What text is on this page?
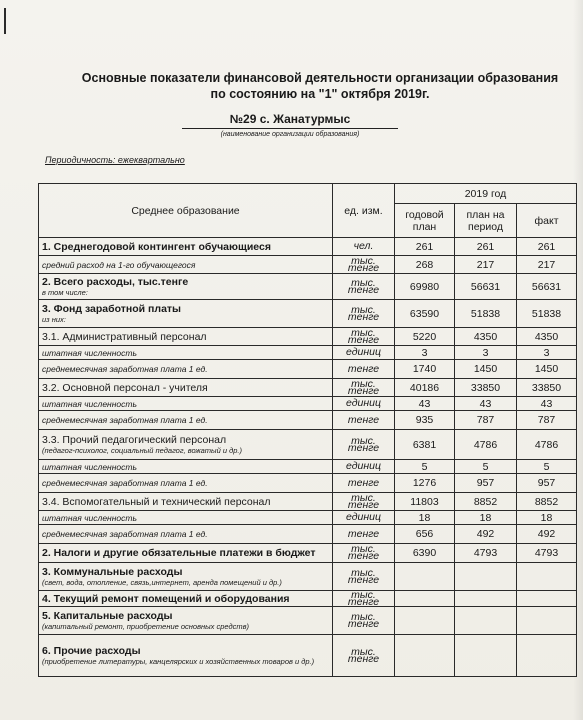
Основные показатели финансовой деятельности организации образования
по состоянию на "1" октября 2019г.
№29 с. Жанатурмыс
(наименование организации образования)
Периодичность: ежеквартально
Среднее образование	ед. изм.	2019 год		
		годовой план	план на период	факт
1. Среднегодовой контингент обучающиеся	чел.	261	261	261
средний расход на 1-го обучающегося	тыс. тенге	268	217	217
2. Всего расходы, тыс.тенге
в том числе:	тыс. тенге	69980	56631	56631
3. Фонд заработной платы
из них:	тыс. тенге	63590	51838	51838
3.1. Административный персонал	тыс. тенге	5220	4350	4350
штатная численность	единиц	3	3	3
среднемесячная заработная плата 1 ед.	тенге	1740	1450	1450
3.2. Основной персонал - учителя	тыс. тенге	40186	33850	33850
штатная численность	единиц	43	43	43
среднемесячная заработная плата 1 ед.	тенге	935	787	787
3.3. Прочий педагогический персонал
(педагог-психолог, социальный педагог, вожатый и др.)	тыс. тенге	6381	4786	4786
штатная численность	единиц	5	5	5
среднемесячная заработная плата 1 ед.	тенге	1276	957	957
3.4. Вспомогательный и технический персонал	тыс. тенге	11803	8852	8852
штатная численность	единиц	18	18	18
среднемесячная заработная плата 1 ед.	тенге	656	492	492
2. Налоги и другие обязательные платежи в бюджет	тыс. тенге	6390	4793	4793
3. Коммунальные расходы
(свет, вода, отопление, связь,интернет, аренда помещений и др.)	тыс. тенге			
4. Текущий ремонт помещений и оборудования	тыс. тенге			
5. Капитальные расходы
(капитальный ремонт, приобретение основных средств)	тыс. тенге			
6. Прочие расходы
(приобретение литературы, канцелярских и хозяйственных товаров и др.)	тыс. тенге			
